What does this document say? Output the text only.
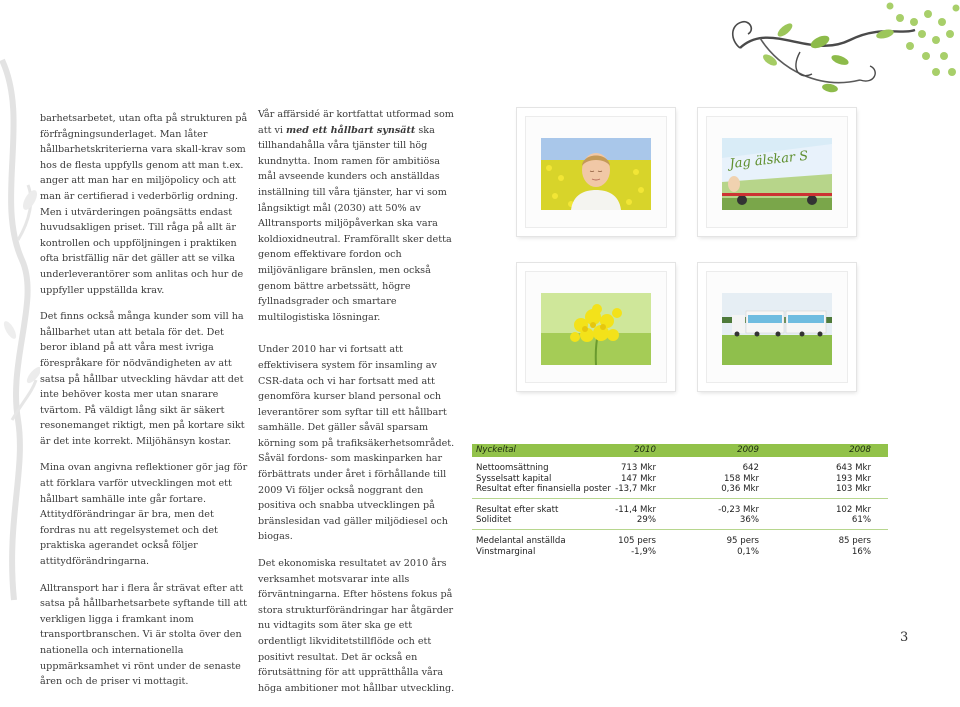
barhetsarbetet, utan ofta på strukturen på förfrågningsunderlaget. Man låter hållbarhetskriterierna vara skall-krav som hos de flesta uppfylls genom att man t.ex. anger att man har en miljöpolicy och att man är certifierad i vederbörlig ordning. Men i utvärderingen poängsätts endast huvudsakligen priset. Till råga på allt är kontrollen och uppföljningen i praktiken ofta bristfällig när det gäller att se vilka underleverantörer som anlitas och hur de uppfyller uppställda krav.

Det finns också många kunder som vill ha hållbarhet utan att betala för det. Det beror ibland på att våra mest ivriga förespråkare för nödvändigheten av att satsa på hållbar utveckling hävdar att det inte behöver kosta mer utan snarare tvärtom. På väldigt lång sikt är säkert resonemanget riktigt, men på kortare sikt är det inte korrekt. Miljöhänsyn kostar.

Mina ovan angivna reflektioner gör jag för att förklara varför utvecklingen mot ett hållbart samhälle inte går fortare. Attitydförändringar är bra, men det fordras nu att regelsystemet och det praktiska agerandet också följer attitydförändringarna.

Alltransport har i flera år strävat efter att satsa på hållbarhetsarbete syftande till att verkligen ligga i framkant inom transportbranschen. Vi är stolta över den nationella och internationella uppmärksamhet vi rönt under de senaste åren och de priser vi mottagit.

Vår affärsidé är kortfattat utformad som att vi med ett hållbart synsätt ska tillhandahålla våra tjänster till hög kundnytta. Inom ramen för ambitiösa mål avseende kunders och anställdas inställning till våra tjänster, har vi som långsiktigt mål (2030) att 50% av Alltransports miljöpåverkan ska vara koldioxidneutral. Framförallt sker detta genom effektivare fordon och miljövänligare bränslen, men också genom bättre arbetssätt, högre fyllnadsgrader och smartare multilogistiska lösningar.

Under 2010 har vi fortsatt att effektivisera system för insamling av CSR-data och vi har fortsatt med att genomföra kurser bland personal och leverantörer som syftar till ett hållbart samhälle. Det gäller såväl sparsam körning som på trafiksäkerhetsområdet. Såväl fordons- som maskinparken har förbättrats under året i förhållande till 2009 Vi följer också noggrant den positiva och snabba utvecklingen på bränslesidan vad gäller miljödiesel och biogas.

Det ekonomiska resultatet av 2010 års verksamhet motsvarar inte alls förväntningarna. Efter höstens fokus på stora strukturförändringar har åtgärder nu vidtagits som äter ska ge ett ordentligt likviditetstillflöde och ett positivt resultat. Det är också en förutsättning för att upprätthålla våra höga ambitioner mot hållbar utveckling.

Jag älskar S
Nyckeltal	2010	2009	2008
Nettoomsättning	713 Mkr	642	643 Mkr
Sysselsatt kapital	147 Mkr	158 Mkr	193 Mkr
Resultat efter finansiella poster -13,7 Mkr	0,36 Mkr	103 Mkr
Resultat efter skatt	-11,4 Mkr	-0,23 Mkr	102 Mkr
Soliditet	29%	36%	61%
Medelantal anställda	105 pers	95 pers	85 pers
Vinstmarginal	-1,9%	0,1%	16%
3
